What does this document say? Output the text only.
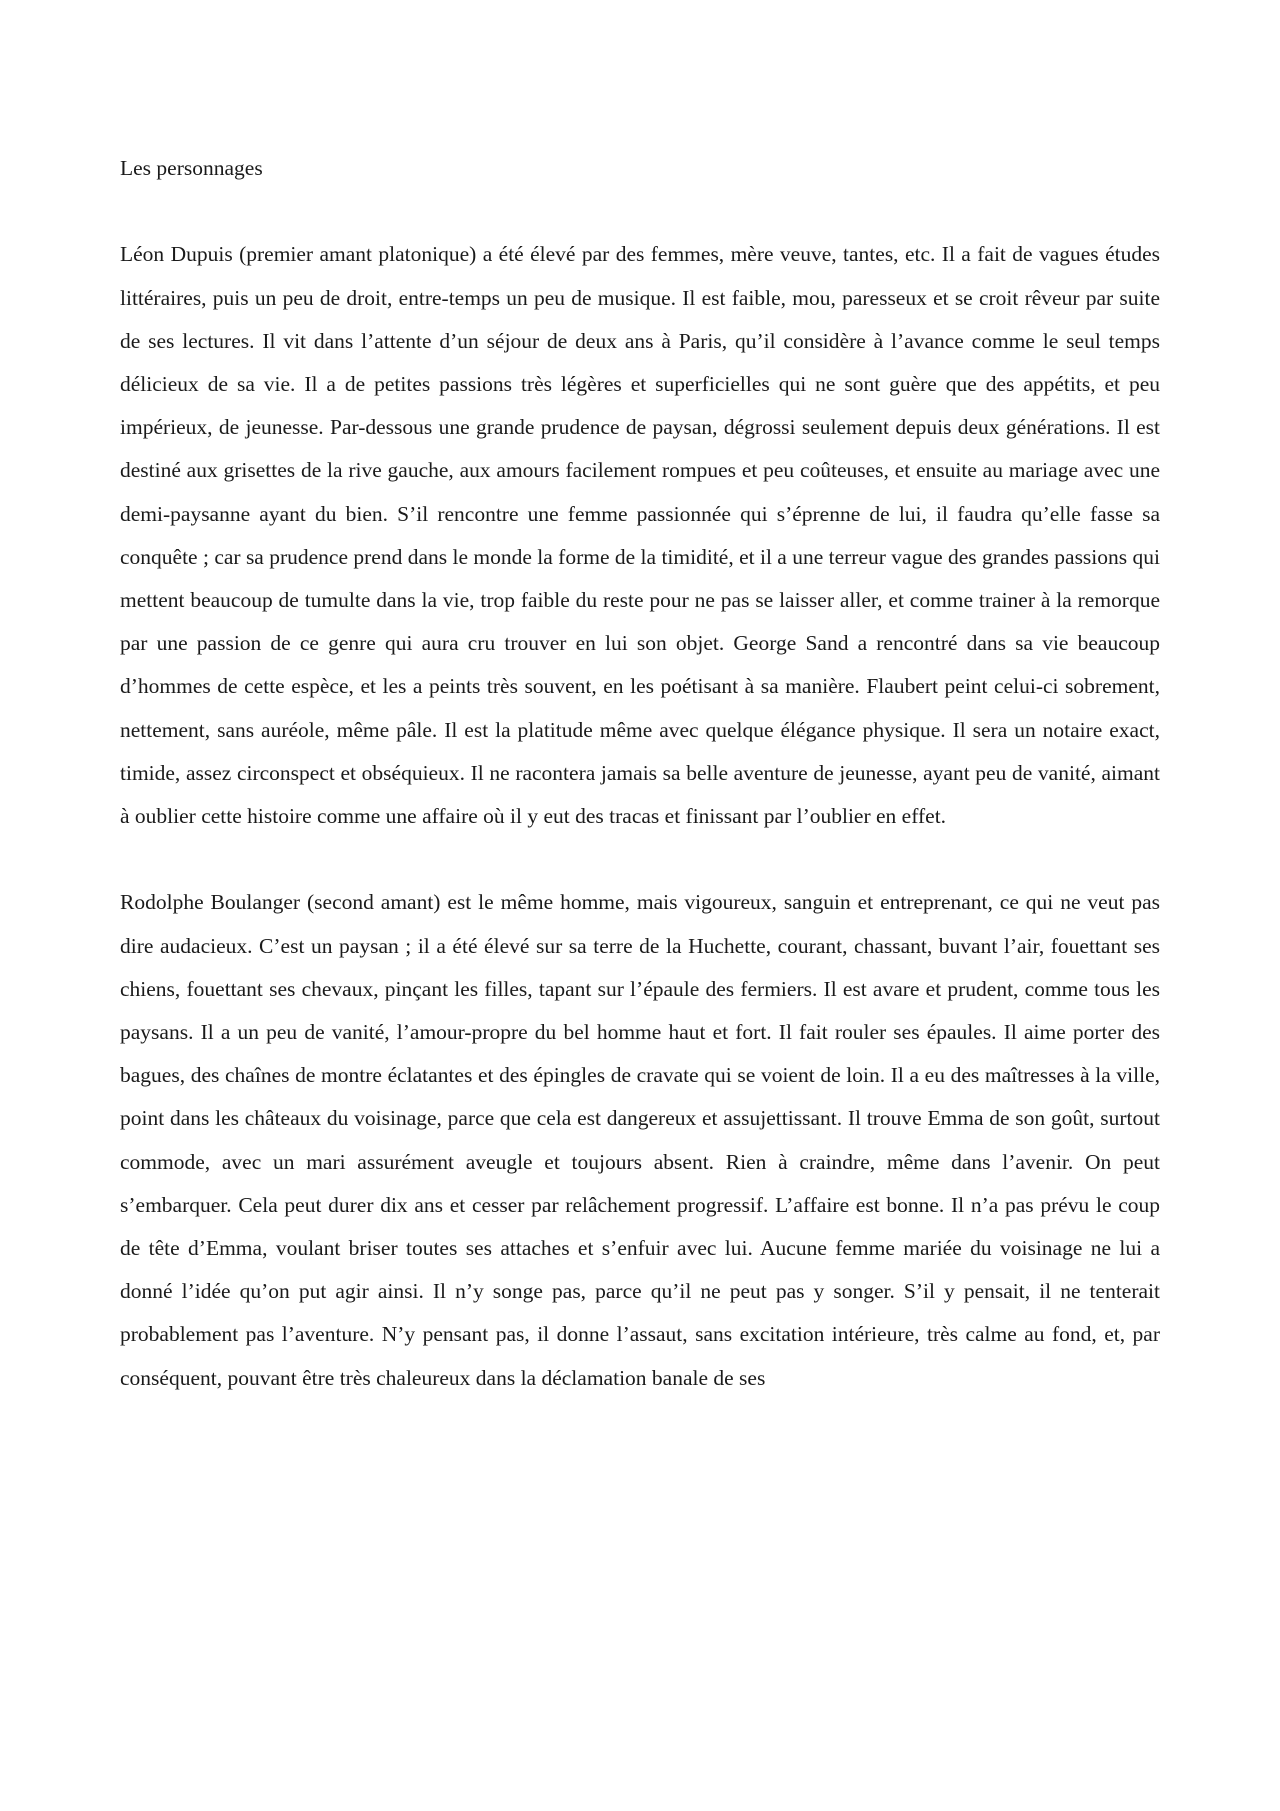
Les personnages

Léon Dupuis (premier amant platonique) a été élevé par des femmes, mère veuve, tantes, etc. Il a fait de vagues études littéraires, puis un peu de droit, entre-temps un peu de musique. Il est faible, mou, paresseux et se croit rêveur par suite de ses lectures. Il vit dans l’attente d’un séjour de deux ans à Paris, qu’il considère à l’avance comme le seul temps délicieux de sa vie. Il a de petites passions très légères et superficielles qui ne sont guère que des appétits, et peu impérieux, de jeunesse. Par-dessous une grande prudence de paysan, dégrossi seulement depuis deux générations. Il est destiné aux grisettes de la rive gauche, aux amours facilement rompues et peu coûteuses, et ensuite au mariage avec une demi-paysanne ayant du bien. S’il rencontre une femme passionnée qui s’éprenne de lui, il faudra qu’elle fasse sa conquête ; car sa prudence prend dans le monde la forme de la timidité, et il a une terreur vague des grandes passions qui mettent beaucoup de tumulte dans la vie, trop faible du reste pour ne pas se laisser aller, et comme trainer à la remorque par une passion de ce genre qui aura cru trouver en lui son objet. George Sand a rencontré dans sa vie beaucoup d’hommes de cette espèce, et les a peints très souvent, en les poétisant à sa manière. Flaubert peint celui-ci sobrement, nettement, sans auréole, même pâle. Il est la platitude même avec quelque élégance physique. Il sera un notaire exact, timide, assez circonspect et obséquieux. Il ne racontera jamais sa belle aventure de jeunesse, ayant peu de vanité, aimant à oublier cette histoire comme une affaire où il y eut des tracas et finissant par l’oublier en effet.

Rodolphe Boulanger (second amant) est le même homme, mais vigoureux, sanguin et entreprenant, ce qui ne veut pas dire audacieux. C’est un paysan ; il a été élevé sur sa terre de la Huchette, courant, chassant, buvant l’air, fouettant ses chiens, fouettant ses chevaux, pinçant les filles, tapant sur l’épaule des fermiers. Il est avare et prudent, comme tous les paysans. Il a un peu de vanité, l’amour-propre du bel homme haut et fort. Il fait rouler ses épaules. Il aime porter des bagues, des chaînes de montre éclatantes et des épingles de cravate qui se voient de loin. Il a eu des maîtresses à la ville, point dans les châteaux du voisinage, parce que cela est dangereux et assujettissant. Il trouve Emma de son goût, surtout commode, avec un mari assurément aveugle et toujours absent. Rien à craindre, même dans l’avenir. On peut s’embarquer. Cela peut durer dix ans et cesser par relâchement progressif. L’affaire est bonne. Il n’a pas prévu le coup de tête d’Emma, voulant briser toutes ses attaches et s’enfuir avec lui. Aucune femme mariée du voisinage ne lui a donné l’idée qu’on put agir ainsi. Il n’y songe pas, parce qu’il ne peut pas y songer. S’il y pensait, il ne tenterait probablement pas l’aventure. N’y pensant pas, il donne l’assaut, sans excitation intérieure, très calme au fond, et, par conséquent, pouvant être très chaleureux dans la déclamation banale de ses
